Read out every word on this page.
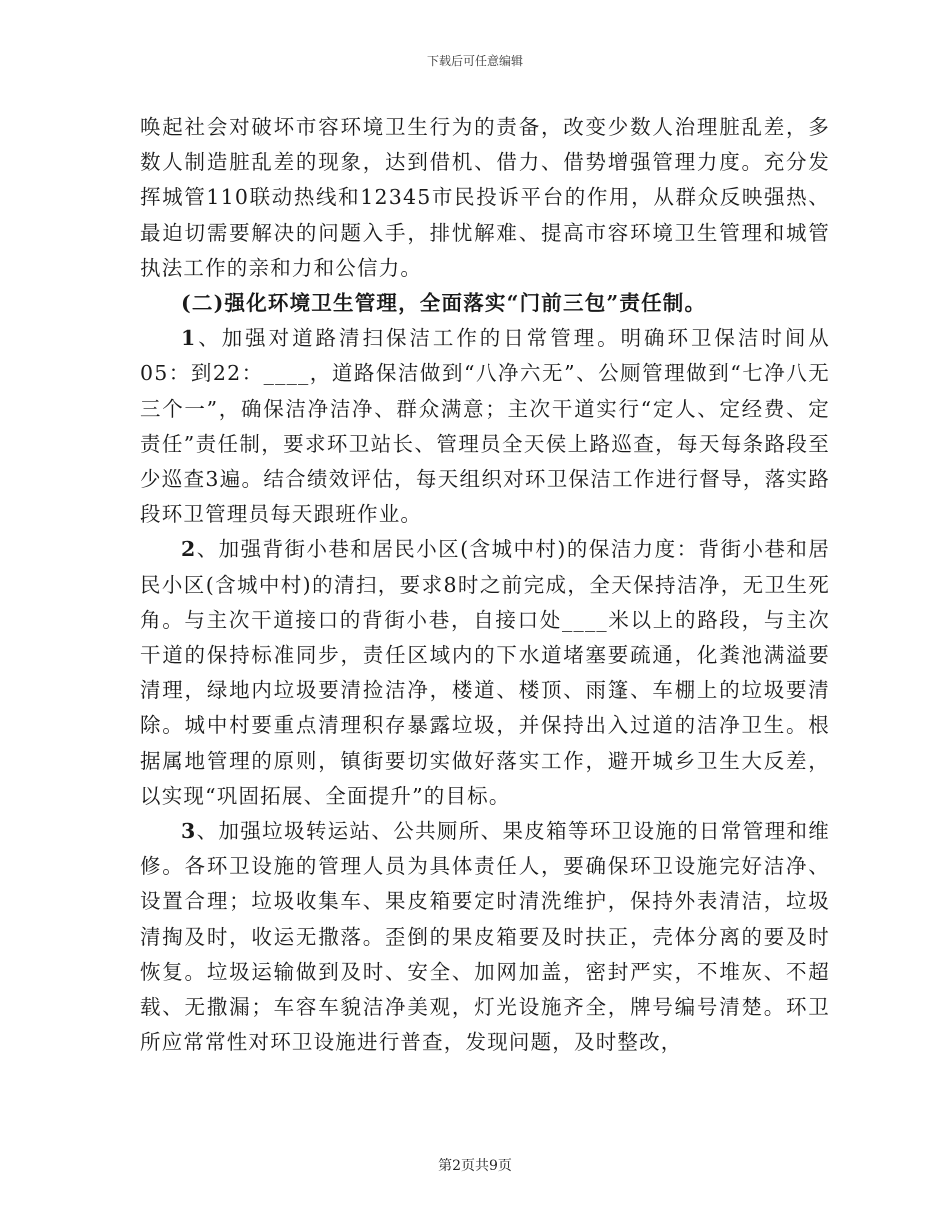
下载后可任意编辑

唤起社会对破坏市容环境卫生行为的责备，改变少数人治理脏乱差，多数人制造脏乱差的现象，达到借机、借力、借势增强管理力度。充分发挥城管110联动热线和12345市民投诉平台的作用，从群众反映强热、最迫切需要解决的问题入手，排忧解难、提高市容环境卫生管理和城管执法工作的亲和力和公信力。

(二)强化环境卫生管理，全面落实“门前三包”责任制。

1、加强对道路清扫保洁工作的日常管理。明确环卫保洁时间从05：到22：____，道路保洁做到“八净六无”、公厕管理做到“七净八无三个一”，确保洁净洁净、群众满意；主次干道实行“定人、定经费、定责任”责任制，要求环卫站长、管理员全天侯上路巡查，每天每条路段至少巡查3遍。结合绩效评估，每天组织对环卫保洁工作进行督导，落实路段环卫管理员每天跟班作业。

2、加强背街小巷和居民小区(含城中村)的保洁力度：背街小巷和居民小区(含城中村)的清扫，要求8时之前完成，全天保持洁净，无卫生死角。与主次干道接口的背街小巷，自接口处____米以上的路段，与主次干道的保持标准同步，责任区域内的下水道堵塞要疏通，化粪池满溢要清理，绿地内垃圾要清捡洁净，楼道、楼顶、雨篷、车棚上的垃圾要清除。城中村要重点清理积存暴露垃圾，并保持出入过道的洁净卫生。根据属地管理的原则，镇街要切实做好落实工作，避开城乡卫生大反差，以实现“巩固拓展、全面提升”的目标。

3、加强垃圾转运站、公共厕所、果皮箱等环卫设施的日常管理和维修。各环卫设施的管理人员为具体责任人，要确保环卫设施完好洁净、设置合理；垃圾收集车、果皮箱要定时清洗维护，保持外表清洁，垃圾清掏及时，收运无撒落。歪倒的果皮箱要及时扶正，壳体分离的要及时恢复。垃圾运输做到及时、安全、加网加盖，密封严实，不堆灰、不超载、无撒漏；车容车貌洁净美观，灯光设施齐全，牌号编号清楚。环卫所应常常性对环卫设施进行普查，发现问题，及时整改，

第2页共9页
